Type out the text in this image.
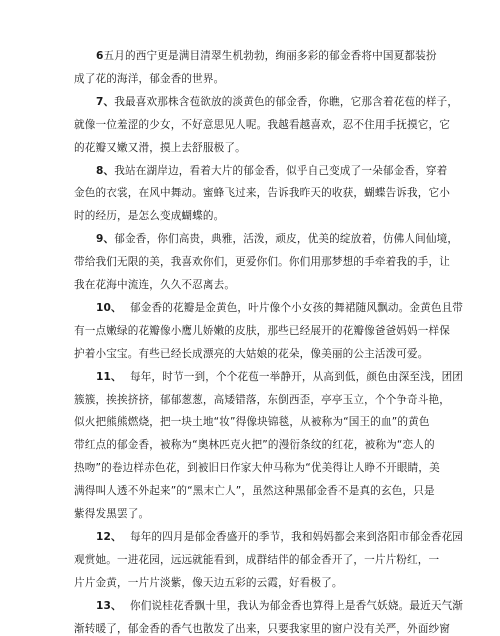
6五月的西宁更是满目清翠生机勃勃，绚丽多彩的郁金香将中国夏都装扮
成了花的海洋，郁金香的世界。
7、我最喜欢那株含苞欲放的淡黄色的郁金香，你瞧，它那含着花苞的样子，
就像一位羞涩的少女，不好意思见人呢。我越看越喜欢，忍不住用手抚摸它，它
的花瓣又嫩又滑，摸上去舒服极了。
8、我站在湖岸边，看着大片的郁金香，似乎自己变成了一朵郁金香，穿着
金色的衣裳，在风中舞动。蜜蜂飞过来，告诉我昨天的收获，蝴蝶告诉我，它小
时的经历，是怎么变成蝴蝶的。
9、郁金香，你们高贵，典雅，活泼，顽皮，优美的绽放着，仿佛人间仙境，
带给我们无限的美，我喜欢你们，更爱你们。你们用那梦想的手牵着我的手，让
我在花海中流连，久久不忍离去。
10、 郁金香的花瓣是金黄色，叶片像个小女孩的舞裙随风飘动。金黄色且带
有一点嫩绿的花瓣像小鹰儿娇嫩的皮肤，那些已经展开的花瓣像爸爸妈妈一样保
护着小宝宝。有些已经长成漂亮的大姑娘的花朵，像美丽的公主活泼可爱。
11、 每年，时节一到，个个花苞一举静开，从高到低，颜色由深至浅，团团
簇簇，挨挨挤挤，郁郁葱葱，高矮错落，东倒西歪，亭亭玉立，个个争奇斗艳，
似火把熊熊燃烧，把一块土地“妆”得像块锦毯，从被称为“国王的血”的黄色
带红点的郁金香，被称为“奥林匹克火把”的漫衍条纹的红花，被称为“恋人的
热吻”的卷边样赤色花，到被旧日作家大仲马称为“优美得让人睁不开眼睛，美
满得叫人透不外起来”的“黑末亡人”，虽然这种黑郁金香不是真的玄色，只是
紫得发黑罢了。
12、 每年的四月是郁金香盛开的季节，我和妈妈都会来到洛阳市郁金香花园
观赏她。一进花园，远远就能看到，成群结伴的郁金香开了，一片片粉红，一
片片金黄，一片片淡紫，像天边五彩的云霞，好看极了。
13、 你们说桂花香飘十里，我认为郁金香也算得上是香气妖娆。最近天气渐
渐转暖了，郁金香的香气也散发了出来，只要我家里的窗户没有关严，外面纱窗
